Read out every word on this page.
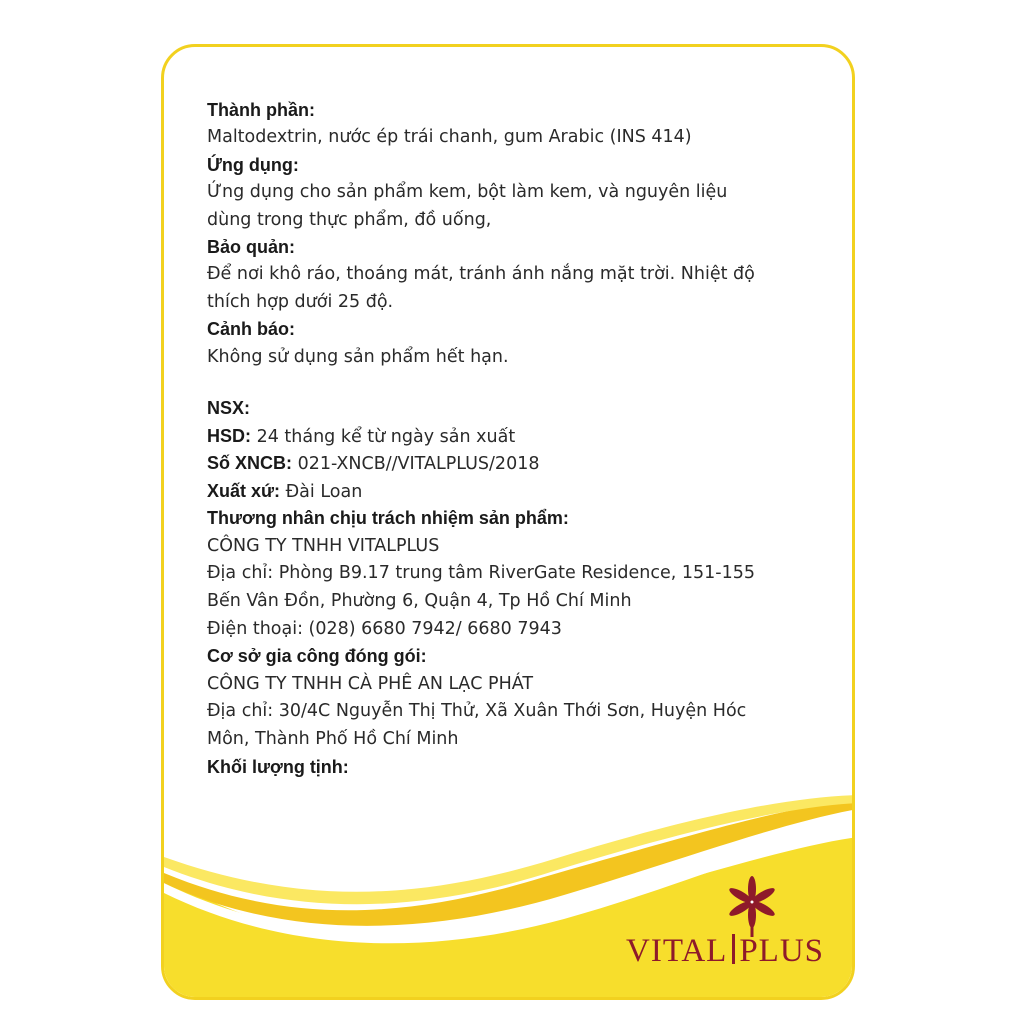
Thành phần:
Maltodextrin, nước ép trái chanh, gum Arabic (INS 414)
Ứng dụng:
Ứng dụng cho sản phẩm kem, bột làm kem, và nguyên liệu
dùng trong thực phẩm, đồ uống,
Bảo quản:
Để nơi khô ráo, thoáng mát, tránh ánh nắng mặt trời. Nhiệt độ
thích hợp dưới 25 độ.
Cảnh báo:
Không sử dụng sản phẩm hết hạn.
NSX:
HSD: 24 tháng kể từ ngày sản xuất
Số XNCB: 021-XNCB//VITALPLUS/2018
Xuất xứ: Đài Loan
Thương nhân chịu trách nhiệm sản phẩm:
CÔNG TY TNHH VITALPLUS
Địa chỉ: Phòng B9.17 trung tâm RiverGate Residence, 151-155
Bến Vân Đồn, Phường 6, Quận 4, Tp Hồ Chí Minh
Điện thoại: (028) 6680 7942/ 6680 7943
Cơ sở gia công đóng gói:
CÔNG TY TNHH CÀ PHÊ AN LẠC PHÁT
Địa chỉ: 30/4C Nguyễn Thị Thử, Xã Xuân Thới Sơn, Huyện Hóc
Môn, Thành Phố Hồ Chí Minh
Khối lượng tịnh:
VITAL PLUS
